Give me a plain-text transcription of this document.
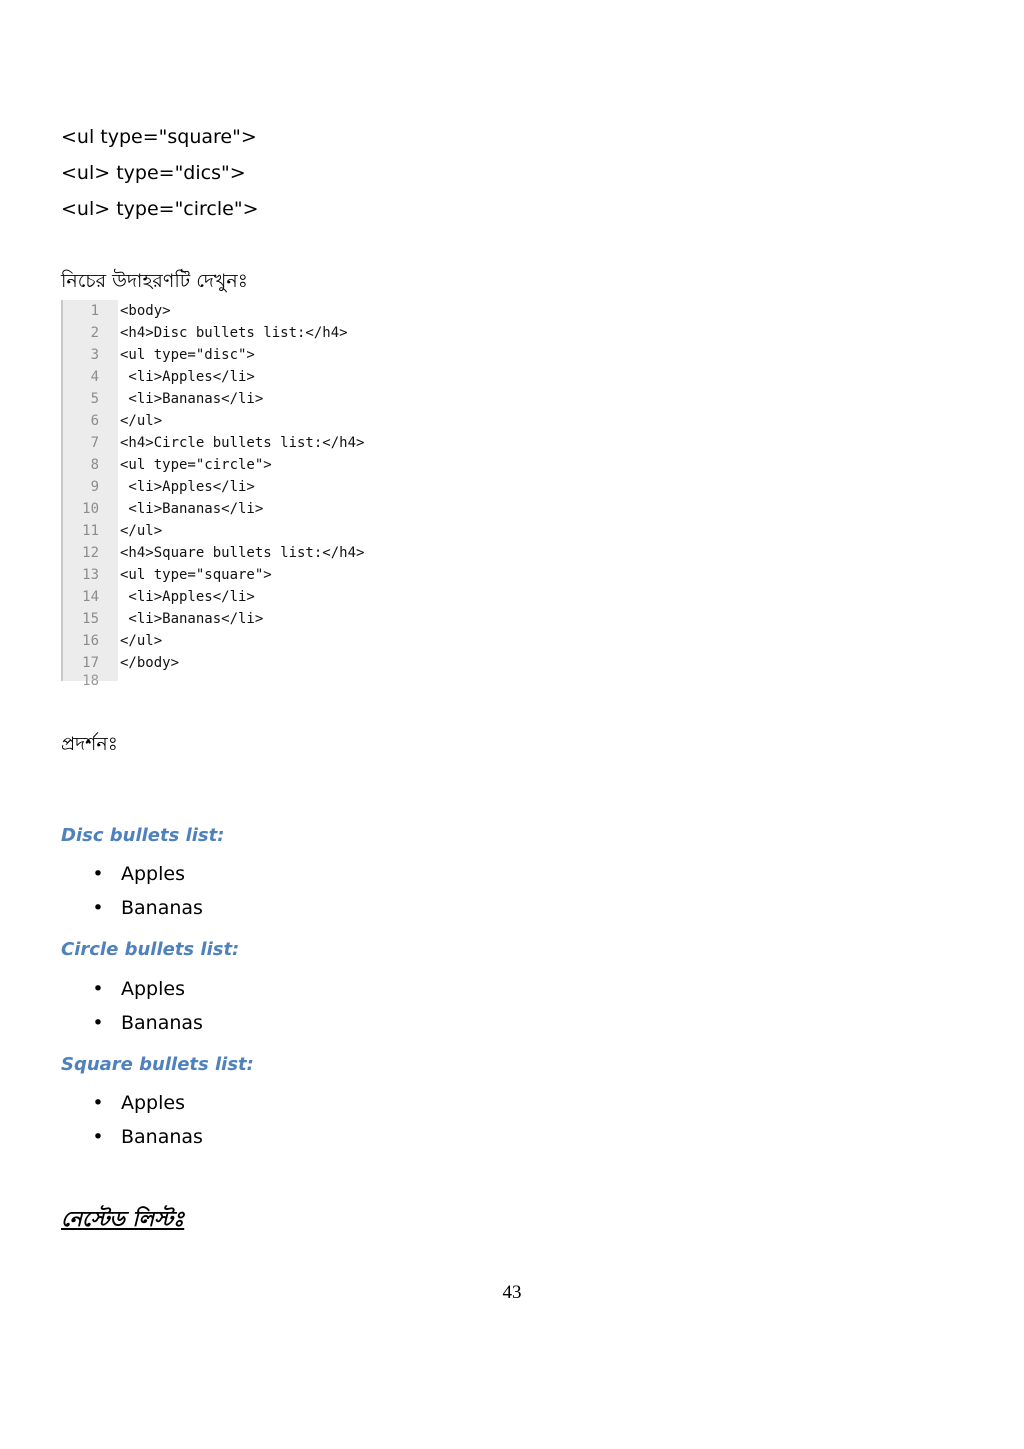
<ul type="square">
<ul> type="dics">
<ul> type="circle">
নিচের উদাহরণটি দেখুনঃ
1 <body>
2 <h4>Disc bullets list:</h4>
3 <ul type="disc">
4 <li>Apples</li>
5 <li>Bananas</li>
6 </ul>
7 <h4>Circle bullets list:</h4>
8 <ul type="circle">
9 <li>Apples</li>
10 <li>Bananas</li>
11 </ul>
12 <h4>Square bullets list:</h4>
13 <ul type="square">
14 <li>Apples</li>
15 <li>Bananas</li>
16 </ul>
17 </body>
18
প্রদর্শনঃ
Disc bullets list:
• Apples
• Bananas
Circle bullets list:
• Apples
• Bananas
Square bullets list:
• Apples
• Bananas
নেস্টেড লিস্টঃ
43
